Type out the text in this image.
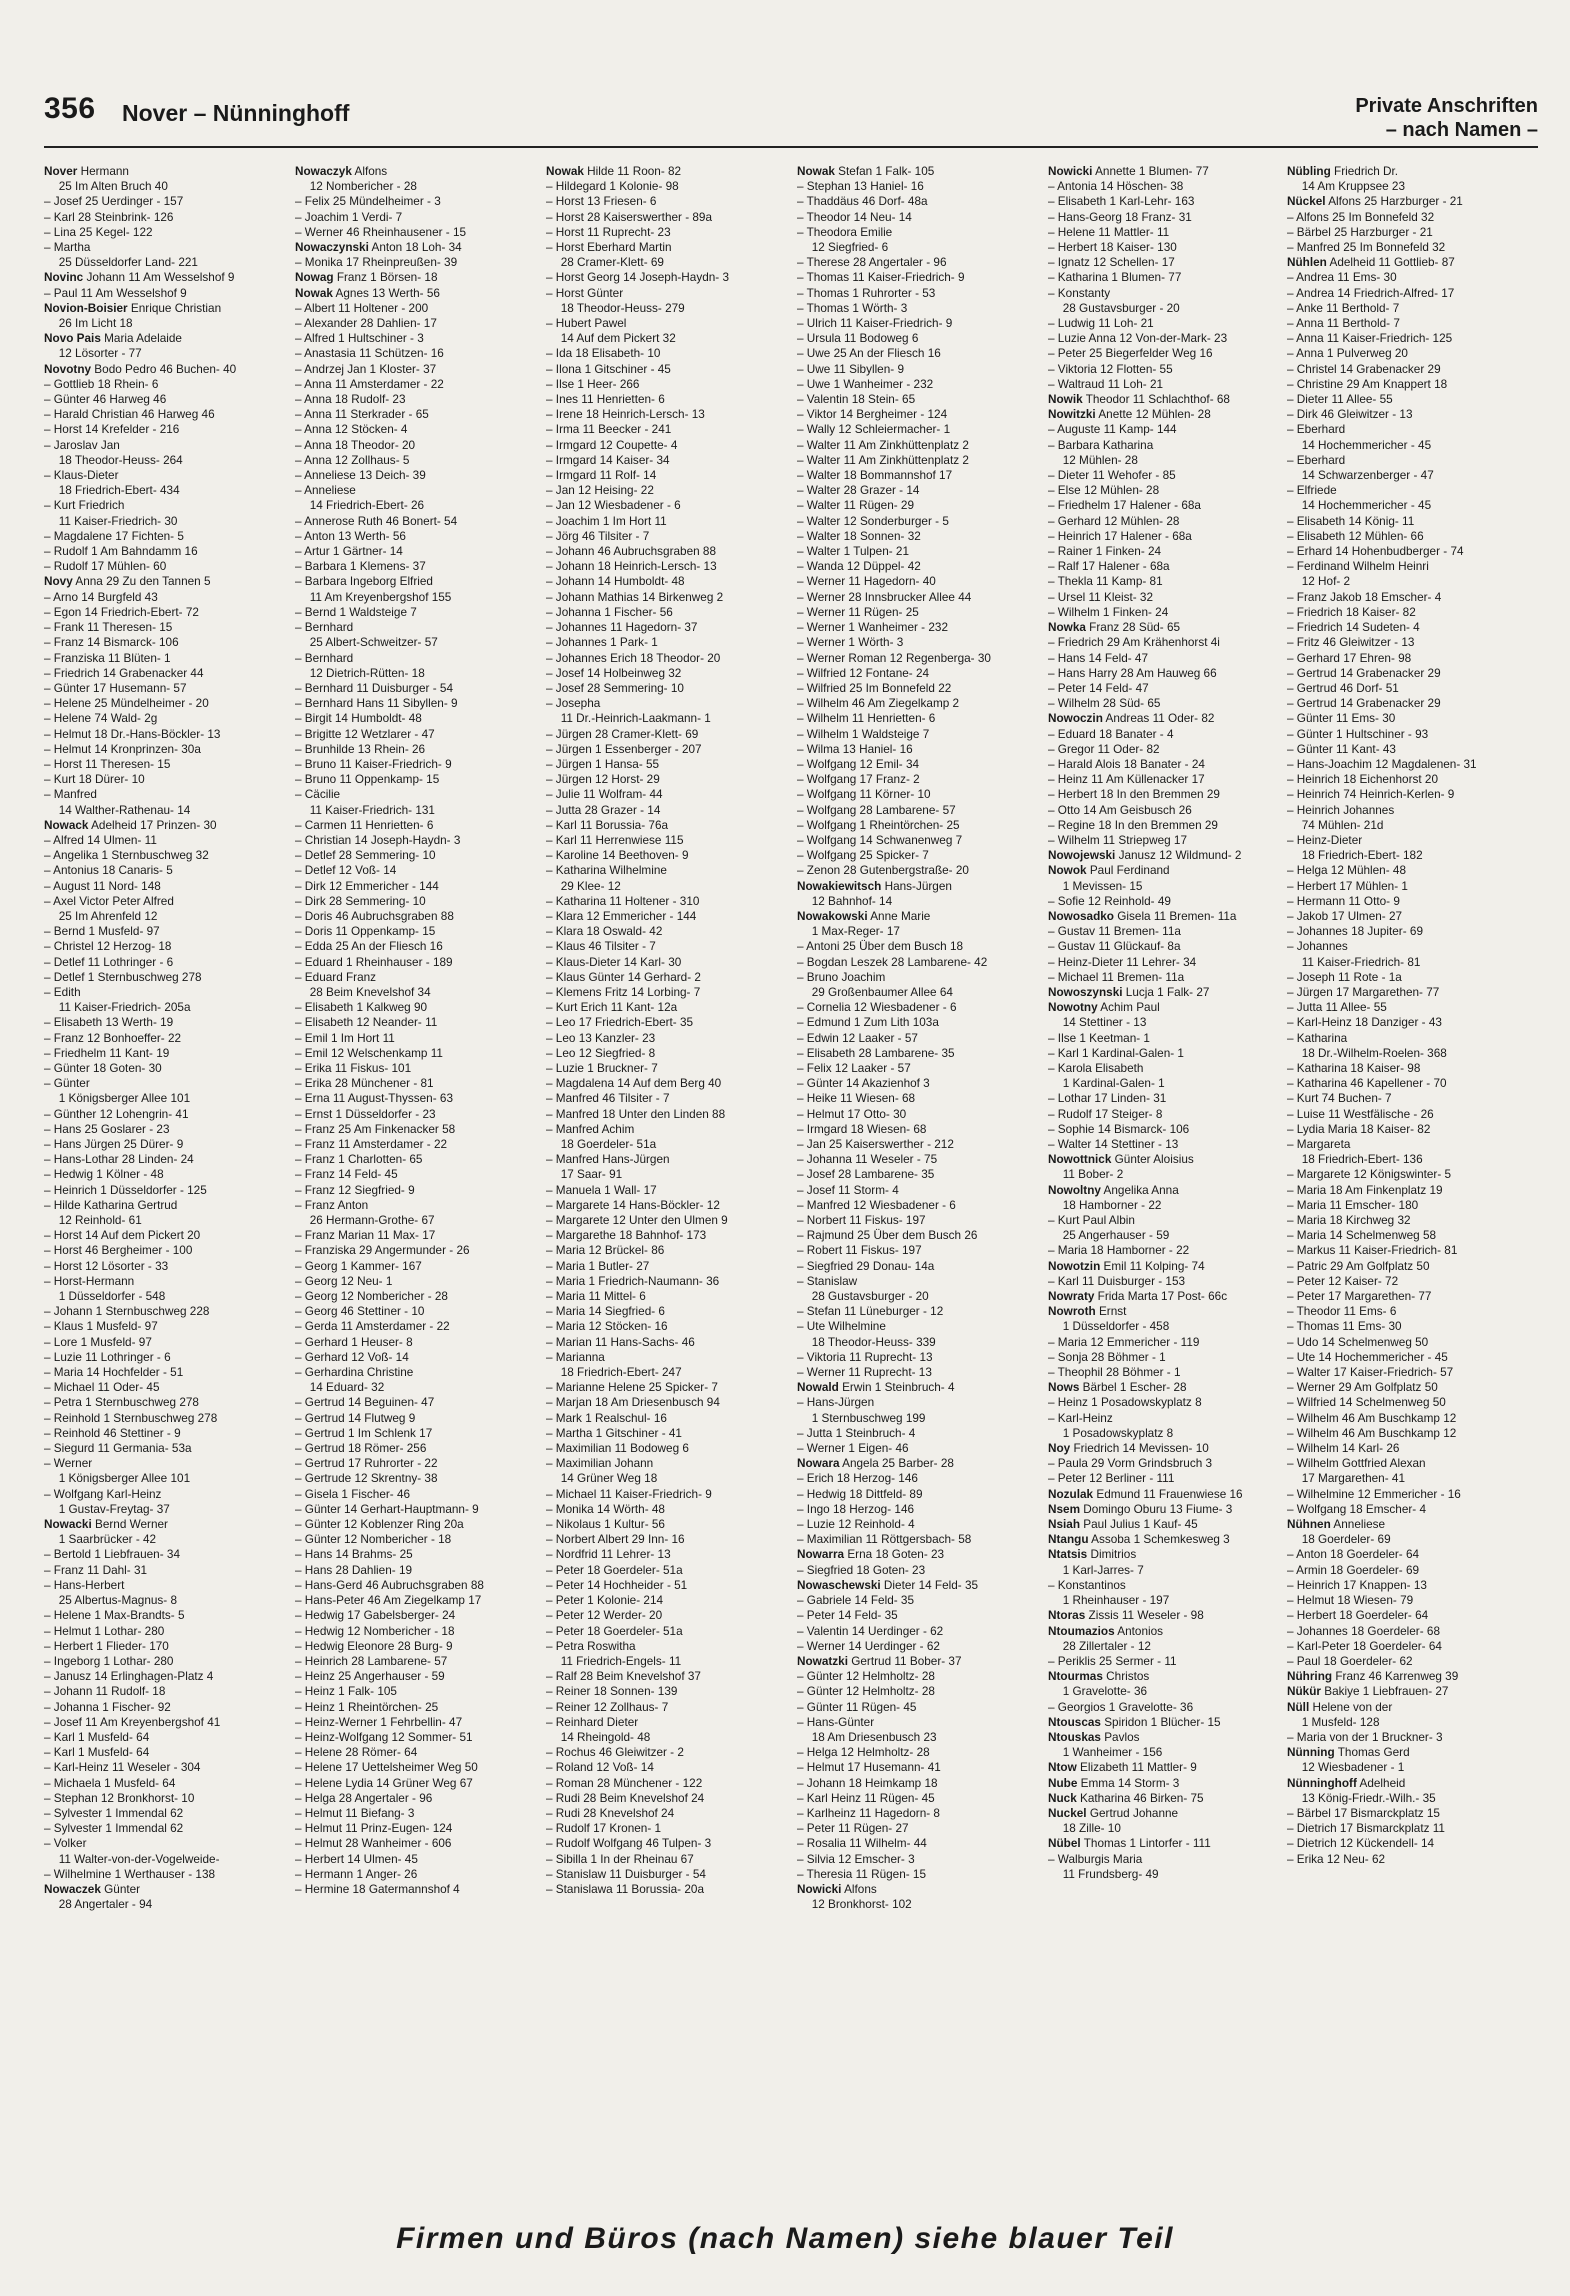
356 Nover – Nünninghoff	Private Anschriften
– nach Namen –
Nover Hermann
25 Im Alten Bruch 40
– Josef 25 Uerdinger - 157
– Karl 28 Steinbrink- 126
– Lina 25 Kegel- 122
– Martha
25 Düsseldorfer Land- 221
Novinc Johann 11 Am Wesselshof 9
– Paul 11 Am Wesselshof 9
Novion-Boisier Enrique Christian
26 Im Licht 18
Novo Pais Maria Adelaide
12 Lösorter - 77
Novotny Bodo Pedro 46 Buchen- 40
– Gottlieb 18 Rhein- 6
– Günter 46 Harweg 46
– Harald Christian 46 Harweg 46
– Horst 14 Krefelder - 216
– Jaroslav Jan
18 Theodor-Heuss- 264
– Klaus-Dieter
18 Friedrich-Ebert- 434
– Kurt Friedrich
11 Kaiser-Friedrich- 30
– Magdalene 17 Fichten- 5
– Rudolf 1 Am Bahndamm 16
– Rudolf 17 Mühlen- 60
Novy Anna 29 Zu den Tannen 5
– Arno 14 Burgfeld 43
– Egon 14 Friedrich-Ebert- 72
– Frank 11 Theresen- 15
– Franz 14 Bismarck- 106
– Franziska 11 Blüten- 1
– Friedrich 14 Grabenacker 44
– Günter 17 Husemann- 57
– Helene 25 Mündelheimer - 20
– Helene 74 Wald- 2g
– Helmut 18 Dr.-Hans-Böckler- 13
– Helmut 14 Kronprinzen- 30a
– Horst 11 Theresen- 15
– Kurt 18 Dürer- 10
– Manfred
14 Walther-Rathenau- 14
Nowack Adelheid 17 Prinzen- 30
– Alfred 14 Ulmen- 11
– Angelika 1 Sternbuschweg 32
– Antonius 18 Canaris- 5
– August 11 Nord- 148
– Axel Victor Peter Alfred
25 Im Ahrenfeld 12
– Bernd 1 Musfeld- 97
– Christel 12 Herzog- 18
– Detlef 11 Lothringer - 6
– Detlef 1 Sternbuschweg 278
– Edith
11 Kaiser-Friedrich- 205a
– Elisabeth 13 Werth- 19
– Franz 12 Bonhoeffer- 22
– Friedhelm 11 Kant- 19
– Günter 18 Goten- 30
– Günter
1 Königsberger Allee 101
– Günther 12 Lohengrin- 41
– Hans 25 Goslarer - 23
– Hans Jürgen 25 Dürer- 9
– Hans-Lothar 28 Linden- 24
– Hedwig 1 Kölner - 48
– Heinrich 1 Düsseldorfer - 125
– Hilde Katharina Gertrud
12 Reinhold- 61
– Horst 14 Auf dem Pickert 20
– Horst 46 Bergheimer - 100
– Horst 12 Lösorter - 33
– Horst-Hermann
1 Düsseldorfer - 548
– Johann 1 Sternbuschweg 228
– Klaus 1 Musfeld- 97
– Lore 1 Musfeld- 97
– Luzie 11 Lothringer - 6
– Maria 14 Hochfelder - 51
– Michael 11 Oder- 45
– Petra 1 Sternbuschweg 278
– Reinhold 1 Sternbuschweg 278
– Reinhold 46 Stettiner - 9
– Siegurd 11 Germania- 53a
– Werner
1 Königsberger Allee 101
– Wolfgang Karl-Heinz
1 Gustav-Freytag- 37
Nowacki Bernd Werner
1 Saarbrücker - 42
– Bertold 1 Liebfrauen- 34
– Franz 11 Dahl- 31
– Hans-Herbert
25 Albertus-Magnus- 8
– Helene 1 Max-Brandts- 5
– Helmut 1 Lothar- 280
– Herbert 1 Flieder- 170
– Ingeborg 1 Lothar- 280
– Janusz 14 Erlinghagen-Platz 4
– Johann 11 Rudolf- 18
– Johanna 1 Fischer- 92
– Josef 11 Am Kreyenbergshof 41
– Karl 1 Musfeld- 64
– Karl 1 Musfeld- 64
– Karl-Heinz 11 Weseler - 304
– Michaela 1 Musfeld- 64
– Stephan 12 Bronkhorst- 10
– Sylvester 1 Immendal 62
– Sylvester 1 Immendal 62
– Volker
11 Walter-von-der-Vogelweide-
– Wilhelmine 1 Werthauser - 138
Nowaczek Günter
28 Angertaler - 94
Nowaczyk Alfons
12 Nombericher - 28
– Felix 25 Mündelheimer - 3
– Joachim 1 Verdi- 7
– Werner 46 Rheinhausener - 15
Nowaczynski Anton 18 Loh- 34
– Monika 17 Rheinpreußen- 39
Nowag Franz 1 Börsen- 18
Nowak Agnes 13 Werth- 56
– Albert 11 Holtener - 200
– Alexander 28 Dahlien- 17
– Alfred 1 Hultschiner - 3
– Anastasia 11 Schützen- 16
– Andrzej Jan 1 Kloster- 37
– Anna 11 Amsterdamer - 22
– Anna 18 Rudolf- 23
– Anna 11 Sterkrader - 65
– Anna 12 Stöcken- 4
– Anna 18 Theodor- 20
– Anna 12 Zollhaus- 5
– Anneliese 13 Deich- 39
– Anneliese
14 Friedrich-Ebert- 26
– Annerose Ruth 46 Bonert- 54
– Anton 13 Werth- 56
– Artur 1 Gärtner- 14
– Barbara 1 Klemens- 37
– Barbara Ingeborg Elfried
11 Am Kreyenbergshof 155
– Bernd 1 Waldsteige 7
– Bernhard
25 Albert-Schweitzer- 57
– Bernhard
12 Dietrich-Rütten- 18
– Bernhard 11 Duisburger - 54
– Bernhard Hans 11 Sibyllen- 9
– Birgit 14 Humboldt- 48
– Brigitte 12 Wetzlarer - 47
– Brunhilde 13 Rhein- 26
– Bruno 11 Kaiser-Friedrich- 9
– Bruno 11 Oppenkamp- 15
– Cäcilie
11 Kaiser-Friedrich- 131
– Carmen 11 Henrietten- 6
– Christian 14 Joseph-Haydn- 3
– Detlef 28 Semmering- 10
– Detlef 12 Voß- 14
– Dirk 12 Emmericher - 144
– Dirk 28 Semmering- 10
– Doris 46 Aubruchsgraben 88
– Doris 11 Oppenkamp- 15
– Edda 25 An der Fliesch 16
– Eduard 1 Rheinhauser - 189
– Eduard Franz
28 Beim Knevelshof 34
– Elisabeth 1 Kalkweg 90
– Elisabeth 12 Neander- 11
– Emil 1 Im Hort 11
– Emil 12 Welschenkamp 11
– Erika 11 Fiskus- 101
– Erika 28 Münchener - 81
– Erna 11 August-Thyssen- 63
– Ernst 1 Düsseldorfer - 23
– Franz 25 Am Finkenacker 58
– Franz 11 Amsterdamer - 22
– Franz 1 Charlotten- 65
– Franz 14 Feld- 45
– Franz 12 Siegfried- 9
– Franz Anton
26 Hermann-Grothe- 67
– Franz Marian 11 Max- 17
– Franziska 29 Angermunder - 26
– Georg 1 Kammer- 167
– Georg 12 Neu- 1
– Georg 12 Nombericher - 28
– Georg 46 Stettiner - 10
– Gerda 11 Amsterdamer - 22
– Gerhard 1 Heuser- 8
– Gerhard 12 Voß- 14
– Gerhardina Christine
14 Eduard- 32
– Gertrud 14 Beguinen- 47
– Gertrud 14 Flutweg 9
– Gertrud 1 Im Schlenk 17
– Gertrud 18 Römer- 256
– Gertrud 17 Ruhrorter - 22
– Gertrude 12 Skrentny- 38
– Gisela 1 Fischer- 46
– Günter 14 Gerhart-Hauptmann- 9
– Günter 12 Koblenzer Ring 20a
– Günter 12 Nombericher - 18
– Hans 14 Brahms- 25
– Hans 28 Dahlien- 19
– Hans-Gerd 46 Aubruchsgraben 88
– Hans-Peter 46 Am Ziegelkamp 17
– Hedwig 17 Gabelsberger- 24
– Hedwig 12 Nombericher - 18
– Hedwig Eleonore 28 Burg- 9
– Heinrich 28 Lambarene- 57
– Heinz 25 Angerhauser - 59
– Heinz 1 Falk- 105
– Heinz 1 Rheintörchen- 25
– Heinz-Werner 1 Fehrbellin- 47
– Heinz-Wolfgang 12 Sommer- 51
– Helene 28 Römer- 64
– Helene 17 Uettelsheimer Weg 50
– Helene Lydia 14 Grüner Weg 67
– Helga 28 Angertaler - 96
– Helmut 11 Biefang- 3
– Helmut 11 Prinz-Eugen- 124
– Helmut 28 Wanheimer - 606
– Herbert 14 Ulmen- 45
– Hermann 1 Anger- 26
– Hermine 18 Gatermannshof 4
Nowak Hilde 11 Roon- 82
– Hildegard 1 Kolonie- 98
– Horst 13 Friesen- 6
– Horst 28 Kaiserswerther - 89a
– Horst 11 Ruprecht- 23
– Horst Eberhard Martin
28 Cramer-Klett- 69
– Horst Georg 14 Joseph-Haydn- 3
– Horst Günter
18 Theodor-Heuss- 279
– Hubert Pawel
14 Auf dem Pickert 32
– Ida 18 Elisabeth- 10
– Ilona 1 Gitschiner - 45
– Ilse 1 Heer- 266
– Ines 11 Henrietten- 6
– Irene 18 Heinrich-Lersch- 13
– Irma 11 Beecker - 241
– Irmgard 12 Coupette- 4
– Irmgard 14 Kaiser- 34
– Irmgard 11 Rolf- 14
– Jan 12 Heising- 22
– Jan 12 Wiesbadener - 6
– Joachim 1 Im Hort 11
– Jörg 46 Tilsiter - 7
– Johann 46 Aubruchsgraben 88
– Johann 18 Heinrich-Lersch- 13
– Johann 14 Humboldt- 48
– Johann Mathias 14 Birkenweg 2
– Johanna 1 Fischer- 56
– Johannes 11 Hagedorn- 37
– Johannes 1 Park- 1
– Johannes Erich 18 Theodor- 20
– Josef 14 Holbeinweg 32
– Josef 28 Semmering- 10
– Josepha
11 Dr.-Heinrich-Laakmann- 1
– Jürgen 28 Cramer-Klett- 69
– Jürgen 1 Essenberger - 207
– Jürgen 1 Hansa- 55
– Jürgen 12 Horst- 29
– Julie 11 Wolfram- 44
– Jutta 28 Grazer - 14
– Karl 11 Borussia- 76a
– Karl 11 Herrenwiese 115
– Karoline 14 Beethoven- 9
– Katharina Wilhelmine
29 Klee- 12
– Katharina 11 Holtener - 310
– Klara 12 Emmericher - 144
– Klara 18 Oswald- 42
– Klaus 46 Tilsiter - 7
– Klaus-Dieter 14 Karl- 30
– Klaus Günter 14 Gerhard- 2
– Klemens Fritz 14 Lorbing- 7
– Kurt Erich 11 Kant- 12a
– Leo 17 Friedrich-Ebert- 35
– Leo 13 Kanzler- 23
– Leo 12 Siegfried- 8
– Luzie 1 Bruckner- 7
– Magdalena 14 Auf dem Berg 40
– Manfred 46 Tilsiter - 7
– Manfred 18 Unter den Linden 88
– Manfred Achim
18 Goerdeler- 51a
– Manfred Hans-Jürgen
17 Saar- 91
– Manuela 1 Wall- 17
– Margarete 14 Hans-Böckler- 12
– Margarete 12 Unter den Ulmen 9
– Margarethe 18 Bahnhof- 173
– Maria 12 Brückel- 86
– Maria 1 Butler- 27
– Maria 1 Friedrich-Naumann- 36
– Maria 11 Mittel- 6
– Maria 14 Siegfried- 6
– Maria 12 Stöcken- 16
– Marian 11 Hans-Sachs- 46
– Marianna
18 Friedrich-Ebert- 247
– Marianne Helene 25 Spicker- 7
– Marjan 18 Am Driesenbusch 94
– Mark 1 Realschul- 16
– Martha 1 Gitschiner - 41
– Maximilian 11 Bodoweg 6
– Maximilian Johann
14 Grüner Weg 18
– Michael 11 Kaiser-Friedrich- 9
– Monika 14 Wörth- 48
– Nikolaus 1 Kultur- 56
– Norbert Albert 29 Inn- 16
– Nordfrid 11 Lehrer- 13
– Peter 18 Goerdeler- 51a
– Peter 14 Hochheider - 51
– Peter 1 Kolonie- 214
– Peter 12 Werder- 20
– Peter 18 Goerdeler- 51a
– Petra Roswitha
11 Friedrich-Engels- 11
– Ralf 28 Beim Knevelshof 37
– Reiner 18 Sonnen- 139
– Reiner 12 Zollhaus- 7
– Reinhard Dieter
14 Rheingold- 48
– Rochus 46 Gleiwitzer - 2
– Roland 12 Voß- 14
– Roman 28 Münchener - 122
– Rudi 28 Beim Knevelshof 24
– Rudi 28 Knevelshof 24
– Rudolf 17 Kronen- 1
– Rudolf Wolfgang 46 Tulpen- 3
– Sibilla 1 In der Rheinau 67
– Stanislaw 11 Duisburger - 54
– Stanislawa 11 Borussia- 20a
Nowak Stefan 1 Falk- 105
– Stephan 13 Haniel- 16
– Thaddäus 46 Dorf- 48a
– Theodor 14 Neu- 14
– Theodora Emilie
12 Siegfried- 6
– Therese 28 Angertaler - 96
– Thomas 11 Kaiser-Friedrich- 9
– Thomas 1 Ruhrorter - 53
– Thomas 1 Wörth- 3
– Ulrich 11 Kaiser-Friedrich- 9
– Ursula 11 Bodoweg 6
– Uwe 25 An der Fliesch 16
– Uwe 11 Sibyllen- 9
– Uwe 1 Wanheimer - 232
– Valentin 18 Stein- 65
– Viktor 14 Bergheimer - 124
– Wally 12 Schleiermacher- 1
– Walter 11 Am Zinkhüttenplatz 2
– Walter 11 Am Zinkhüttenplatz 2
– Walter 18 Bommannshof 17
– Walter 28 Grazer - 14
– Walter 11 Rügen- 29
– Walter 12 Sonderburger - 5
– Walter 18 Sonnen- 32
– Walter 1 Tulpen- 21
– Wanda 12 Düppel- 42
– Werner 11 Hagedorn- 40
– Werner 28 Innsbrucker Allee 44
– Werner 11 Rügen- 25
– Werner 1 Wanheimer - 232
– Werner 1 Wörth- 3
– Werner Roman 12 Regenberga- 30
– Wilfried 12 Fontane- 24
– Wilfried 25 Im Bonnefeld 22
– Wilhelm 46 Am Ziegelkamp 2
– Wilhelm 11 Henrietten- 6
– Wilhelm 1 Waldsteige 7
– Wilma 13 Haniel- 16
– Wolfgang 12 Emil- 34
– Wolfgang 17 Franz- 2
– Wolfgang 11 Körner- 10
– Wolfgang 28 Lambarene- 57
– Wolfgang 1 Rheintörchen- 25
– Wolfgang 14 Schwanenweg 7
– Wolfgang 25 Spicker- 7
– Zenon 28 Gutenbergstraße- 20
Nowakiewitsch Hans-Jürgen
12 Bahnhof- 14
Nowakowski Anne Marie
1 Max-Reger- 17
– Antoni 25 Über dem Busch 18
– Bogdan Leszek 28 Lambarene- 42
– Bruno Joachim
29 Großenbaumer Allee 64
– Cornelia 12 Wiesbadener - 6
– Edmund 1 Zum Lith 103a
– Edwin 12 Laaker - 57
– Elisabeth 28 Lambarene- 35
– Felix 12 Laaker - 57
– Günter 14 Akazienhof 3
– Heike 11 Wiesen- 68
– Helmut 17 Otto- 30
– Irmgard 18 Wiesen- 68
– Jan 25 Kaiserswerther - 212
– Johanna 11 Weseler - 75
– Josef 28 Lambarene- 35
– Josef 11 Storm- 4
– Manfred 12 Wiesbadener - 6
– Norbert 11 Fiskus- 197
– Rajmund 25 Über dem Busch 26
– Robert 11 Fiskus- 197
– Siegfried 29 Donau- 14a
– Stanislaw
28 Gustavsburger - 20
– Stefan 11 Lüneburger - 12
– Ute Wilhelmine
18 Theodor-Heuss- 339
– Viktoria 11 Ruprecht- 13
– Werner 11 Ruprecht- 13
Nowald Erwin 1 Steinbruch- 4
– Hans-Jürgen
1 Sternbuschweg 199
– Jutta 1 Steinbruch- 4
– Werner 1 Eigen- 46
Nowara Angela 25 Barber- 28
– Erich 18 Herzog- 146
– Hedwig 18 Dittfeld- 89
– Ingo 18 Herzog- 146
– Luzie 12 Reinhold- 4
– Maximilian 11 Röttgersbach- 58
Nowarra Erna 18 Goten- 23
– Siegfried 18 Goten- 23
Nowaschewski Dieter 14 Feld- 35
– Gabriele 14 Feld- 35
– Peter 14 Feld- 35
– Valentin 14 Uerdinger - 62
– Werner 14 Uerdinger - 62
Nowatzki Gertrud 11 Bober- 37
– Günter 12 Helmholtz- 28
– Günter 12 Helmholtz- 28
– Günter 11 Rügen- 45
– Hans-Günter
18 Am Driesenbusch 23
– Helga 12 Helmholtz- 28
– Helmut 17 Husemann- 41
– Johann 18 Heimkamp 18
– Karl Heinz 11 Rügen- 45
– Karlheinz 11 Hagedorn- 8
– Peter 11 Rügen- 27
– Rosalia 11 Wilhelm- 44
– Silvia 12 Emscher- 3
– Theresia 11 Rügen- 15
Nowicki Alfons
12 Bronkhorst- 102
Nowicki Annette 1 Blumen- 77
– Antonia 14 Höschen- 38
– Elisabeth 1 Karl-Lehr- 163
– Hans-Georg 18 Franz- 31
– Helene 11 Mattler- 11
– Herbert 18 Kaiser- 130
– Ignatz 12 Schellen- 17
– Katharina 1 Blumen- 77
– Konstanty
28 Gustavsburger - 20
– Ludwig 11 Loh- 21
– Luzie Anna 12 Von-der-Mark- 23
– Peter 25 Biegerfelder Weg 16
– Viktoria 12 Flotten- 55
– Waltraud 11 Loh- 21
Nowik Theodor 11 Schlachthof- 68
Nowitzki Anette 12 Mühlen- 28
– Auguste 11 Kamp- 144
– Barbara Katharina
12 Mühlen- 28
– Dieter 11 Wehofer - 85
– Else 12 Mühlen- 28
– Friedhelm 17 Halener - 68a
– Gerhard 12 Mühlen- 28
– Heinrich 17 Halener - 68a
– Rainer 1 Finken- 24
– Ralf 17 Halener - 68a
– Thekla 11 Kamp- 81
– Ursel 11 Kleist- 32
– Wilhelm 1 Finken- 24
Nowka Franz 28 Süd- 65
– Friedrich 29 Am Krähenhorst 4i
– Hans 14 Feld- 47
– Hans Harry 28 Am Hauweg 66
– Peter 14 Feld- 47
– Wilhelm 28 Süd- 65
Nowoczin Andreas 11 Oder- 82
– Eduard 18 Banater - 4
– Gregor 11 Oder- 82
– Harald Alois 18 Banater - 24
– Heinz 11 Am Küllenacker 17
– Herbert 18 In den Bremmen 29
– Otto 14 Am Geisbusch 26
– Regine 18 In den Bremmen 29
– Wilhelm 11 Striepweg 17
Nowojewski Janusz 12 Wildmund- 2
Nowok Paul Ferdinand
1 Mevissen- 15
– Sofie 12 Reinhold- 49
Nowosadko Gisela 11 Bremen- 11a
– Gustav 11 Bremen- 11a
– Gustav 11 Glückauf- 8a
– Heinz-Dieter 11 Lehrer- 34
– Michael 11 Bremen- 11a
Nowoszynski Lucja 1 Falk- 27
Nowotny Achim Paul
14 Stettiner - 13
– Ilse 1 Keetman- 1
– Karl 1 Kardinal-Galen- 1
– Karola Elisabeth
1 Kardinal-Galen- 1
– Lothar 17 Linden- 31
– Rudolf 17 Steiger- 8
– Sophie 14 Bismarck- 106
– Walter 14 Stettiner - 13
Nowottnick Günter Aloisius
11 Bober- 2
Nowoltny Angelika Anna
18 Hamborner - 22
– Kurt Paul Albin
25 Angerhauser - 59
– Maria 18 Hamborner - 22
Nowotzin Emil 11 Kolping- 74
– Karl 11 Duisburger - 153
Nowraty Frida Marta 17 Post- 66c
Nowroth Ernst
1 Düsseldorfer - 458
– Maria 12 Emmericher - 119
– Sonja 28 Böhmer - 1
– Theophil 28 Böhmer - 1
Nows Bärbel 1 Escher- 28
– Heinz 1 Posadowskyplatz 8
– Karl-Heinz
1 Posadowskyplatz 8
Noy Friedrich 14 Mevissen- 10
– Paula 29 Vorm Grindsbruch 3
– Peter 12 Berliner - 111
Nozulak Edmund 11 Frauenwiese 16
Nsem Domingo Oburu 13 Fiume- 3
Nsiah Paul Julius 1 Kauf- 45
Ntangu Assoba 1 Schemkesweg 3
Ntatsis Dimitrios
1 Karl-Jarres- 7
– Konstantinos
1 Rheinhauser - 197
Ntoras Zissis 11 Weseler - 98
Ntoumazios Antonios
28 Zillertaler - 12
– Periklis 25 Sermer - 11
Ntourmas Christos
1 Gravelotte- 36
– Georgios 1 Gravelotte- 36
Ntouscas Spiridon 1 Blücher- 15
Ntouskas Pavlos
1 Wanheimer - 156
Ntow Elizabeth 11 Mattler- 9
Nube Emma 14 Storm- 3
Nuck Katharina 46 Birken- 75
Nuckel Gertrud Johanne
18 Zille- 10
Nübel Thomas 1 Lintorfer - 111
– Walburgis Maria
11 Frundsberg- 49
Nübling Friedrich Dr.
14 Am Kruppsee 23
Nückel Alfons 25 Harzburger - 21
– Alfons 25 Im Bonnefeld 32
– Bärbel 25 Harzburger - 21
– Manfred 25 Im Bonnefeld 32
Nühlen Adelheid 11 Gottlieb- 87
– Andrea 11 Ems- 30
– Andrea 14 Friedrich-Alfred- 17
– Anke 11 Berthold- 7
– Anna 11 Berthold- 7
– Anna 11 Kaiser-Friedrich- 125
– Anna 1 Pulverweg 20
– Christel 14 Grabenacker 29
– Christine 29 Am Knappert 18
– Dieter 11 Allee- 55
– Dirk 46 Gleiwitzer - 13
– Eberhard
14 Hochemmericher - 45
– Eberhard
14 Schwarzenberger - 47
– Elfriede
14 Hochemmericher - 45
– Elisabeth 14 König- 11
– Elisabeth 12 Mühlen- 66
– Erhard 14 Hohenbudberger - 74
– Ferdinand Wilhelm Heinri
12 Hof- 2
– Franz Jakob 18 Emscher- 4
– Friedrich 18 Kaiser- 82
– Friedrich 14 Sudeten- 4
– Fritz 46 Gleiwitzer - 13
– Gerhard 17 Ehren- 98
– Gertrud 14 Grabenacker 29
– Gertrud 46 Dorf- 51
– Gertrud 14 Grabenacker 29
– Günter 11 Ems- 30
– Günter 1 Hultschiner - 93
– Günter 11 Kant- 43
– Hans-Joachim 12 Magdalenen- 31
– Heinrich 18 Eichenhorst 20
– Heinrich 74 Heinrich-Kerlen- 9
– Heinrich Johannes
74 Mühlen- 21d
– Heinz-Dieter
18 Friedrich-Ebert- 182
– Helga 12 Mühlen- 48
– Herbert 17 Mühlen- 1
– Hermann 11 Otto- 9
– Jakob 17 Ulmen- 27
– Johannes 18 Jupiter- 69
– Johannes
11 Kaiser-Friedrich- 81
– Joseph 11 Rote - 1a
– Jürgen 17 Margarethen- 77
– Jutta 11 Allee- 55
– Karl-Heinz 18 Danziger - 43
– Katharina
18 Dr.-Wilhelm-Roelen- 368
– Katharina 18 Kaiser- 98
– Katharina 46 Kapellener - 70
– Kurt 74 Buchen- 7
– Luise 11 Westfälische - 26
– Lydia Maria 18 Kaiser- 82
– Margareta
18 Friedrich-Ebert- 136
– Margarete 12 Königswinter- 5
– Maria 18 Am Finkenplatz 19
– Maria 11 Emscher- 180
– Maria 18 Kirchweg 32
– Maria 14 Schelmenweg 58
– Markus 11 Kaiser-Friedrich- 81
– Patric 29 Am Golfplatz 50
– Peter 12 Kaiser- 72
– Peter 17 Margarethen- 77
– Theodor 11 Ems- 6
– Thomas 11 Ems- 30
– Udo 14 Schelmenweg 50
– Ute 14 Hochemmericher - 45
– Walter 17 Kaiser-Friedrich- 57
– Werner 29 Am Golfplatz 50
– Wilfried 14 Schelmenweg 50
– Wilhelm 46 Am Buschkamp 12
– Wilhelm 46 Am Buschkamp 12
– Wilhelm 14 Karl- 26
– Wilhelm Gottfried Alexan
17 Margarethen- 41
– Wilhelmine 12 Emmericher - 16
– Wolfgang 18 Emscher- 4
Nühnen Anneliese
18 Goerdeler- 69
– Anton 18 Goerdeler- 64
– Armin 18 Goerdeler- 69
– Heinrich 17 Knappen- 13
– Helmut 18 Wiesen- 79
– Herbert 18 Goerdeler- 64
– Johannes 18 Goerdeler- 68
– Karl-Peter 18 Goerdeler- 64
– Paul 18 Goerdeler- 62
Nühring Franz 46 Karrenweg 39
Nükür Bakiye 1 Liebfrauen- 27
Nüll Helene von der
1 Musfeld- 128
– Maria von der 1 Bruckner- 3
Nünning Thomas Gerd
12 Wiesbadener - 1
Nünninghoff Adelheid
13 König-Friedr.-Wilh.- 35
– Bärbel 17 Bismarckplatz 15
– Dietrich 17 Bismarckplatz 11
– Dietrich 12 Kückendell- 14
– Erika 12 Neu- 62
Firmen und Büros (nach Namen) siehe blauer Teil
